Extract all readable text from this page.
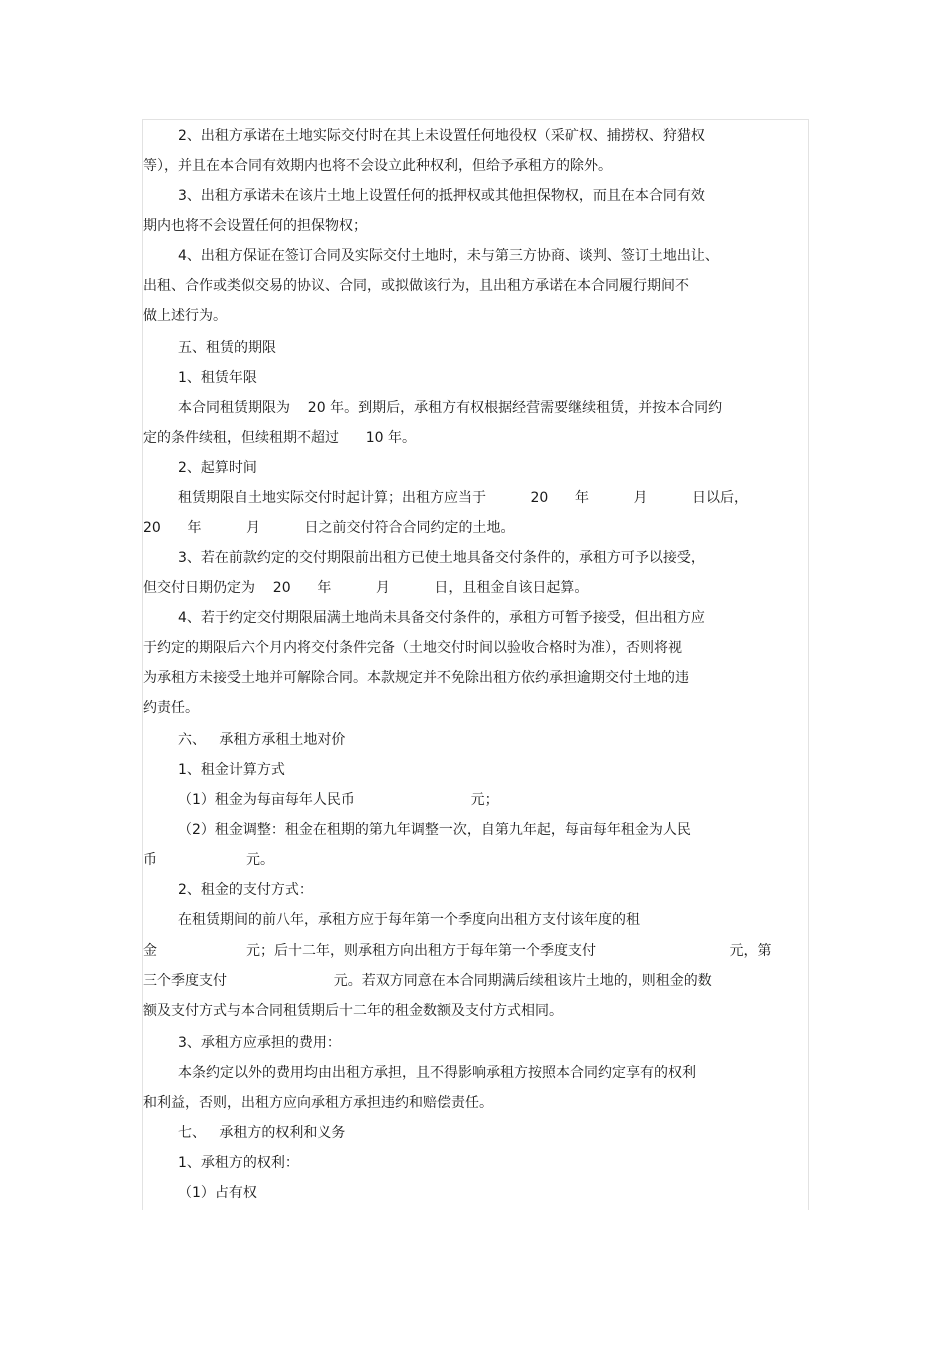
2、出租方承诺在土地实际交付时在其上未设置任何地役权（采矿权、捕捞权、狩猎权
等），并且在本合同有效期内也将不会设立此种权利，但给予承租方的除外。
3、出租方承诺未在该片土地上设置任何的抵押权或其他担保物权，而且在本合同有效
期内也将不会设置任何的担保物权；
4、出租方保证在签订合同及实际交付土地时，未与第三方协商、谈判、签订土地出让、
出租、合作或类似交易的协议、合同，或拟做该行为，且出租方承诺在本合同履行期间不
做上述行为。
五、租赁的期限
1、租赁年限
本合同租赁期限为    20 年。到期后，承租方有权根据经营需要继续租赁，并按本合同约
定的条件续租，但续租期不超过      10 年。
2、起算时间
租赁期限自土地实际交付时起计算；出租方应当于          20      年          月          日以后，
20      年          月          日之前交付符合合同约定的土地。
3、若在前款约定的交付期限前出租方已使土地具备交付条件的，承租方可予以接受，
但交付日期仍定为    20      年          月          日，且租金自该日起算。
4、若于约定交付期限届满土地尚未具备交付条件的，承租方可暂予接受，但出租方应
于约定的期限后六个月内将交付条件完备（土地交付时间以验收合格时为准），否则将视
为承租方未接受土地并可解除合同。本款规定并不免除出租方依约承担逾期交付土地的违
约责任。
六、   承租方承租土地对价
1、租金计算方式
（1）租金为每亩每年人民币                          元；
（2）租金调整：租金在租期的第九年调整一次，自第九年起，每亩每年租金为人民
币                    元。
2、租金的支付方式：
在租赁期间的前八年，承租方应于每年第一个季度向出租方支付该年度的租
金                    元；后十二年，则承租方向出租方于每年第一个季度支付                              元，第
三个季度支付                        元。若双方同意在本合同期满后续租该片土地的，则租金的数
额及支付方式与本合同租赁期后十二年的租金数额及支付方式相同。
3、承租方应承担的费用：
本条约定以外的费用均由出租方承担，且不得影响承租方按照本合同约定享有的权利
和利益，否则，出租方应向承租方承担违约和赔偿责任。
七、   承租方的权利和义务
1、承租方的权利：
（1）占有权
